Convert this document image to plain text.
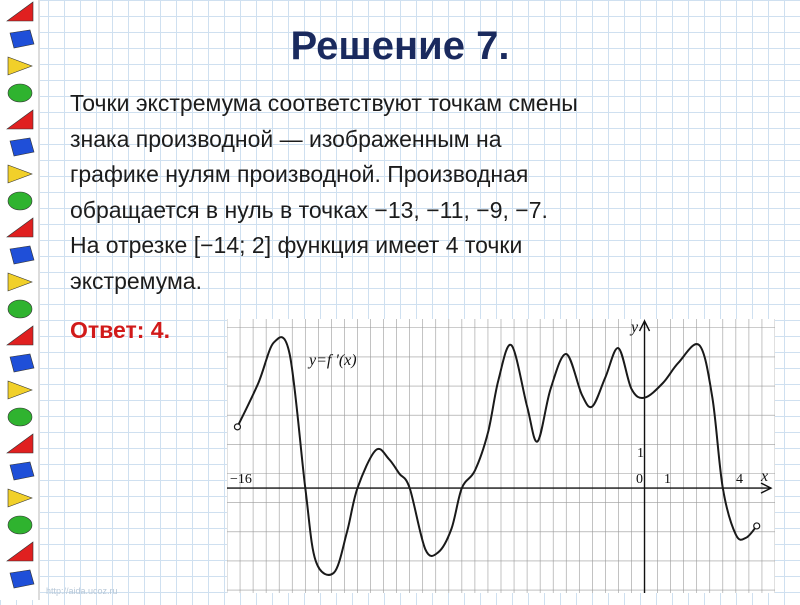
Решение 7.
Точки экстремума соответствуют точкам смены
знака производной — изображенным на
графике нулям производной. Производная
обращается в нуль в точках −13, −11, −9, −7.
На отрезке [−14; 2] функция имеет 4 точки
экстремума.
Ответ: 4.
y=f ′(x)
x
y
−16	0 1	4
1
http://aida.ucoz.ru
